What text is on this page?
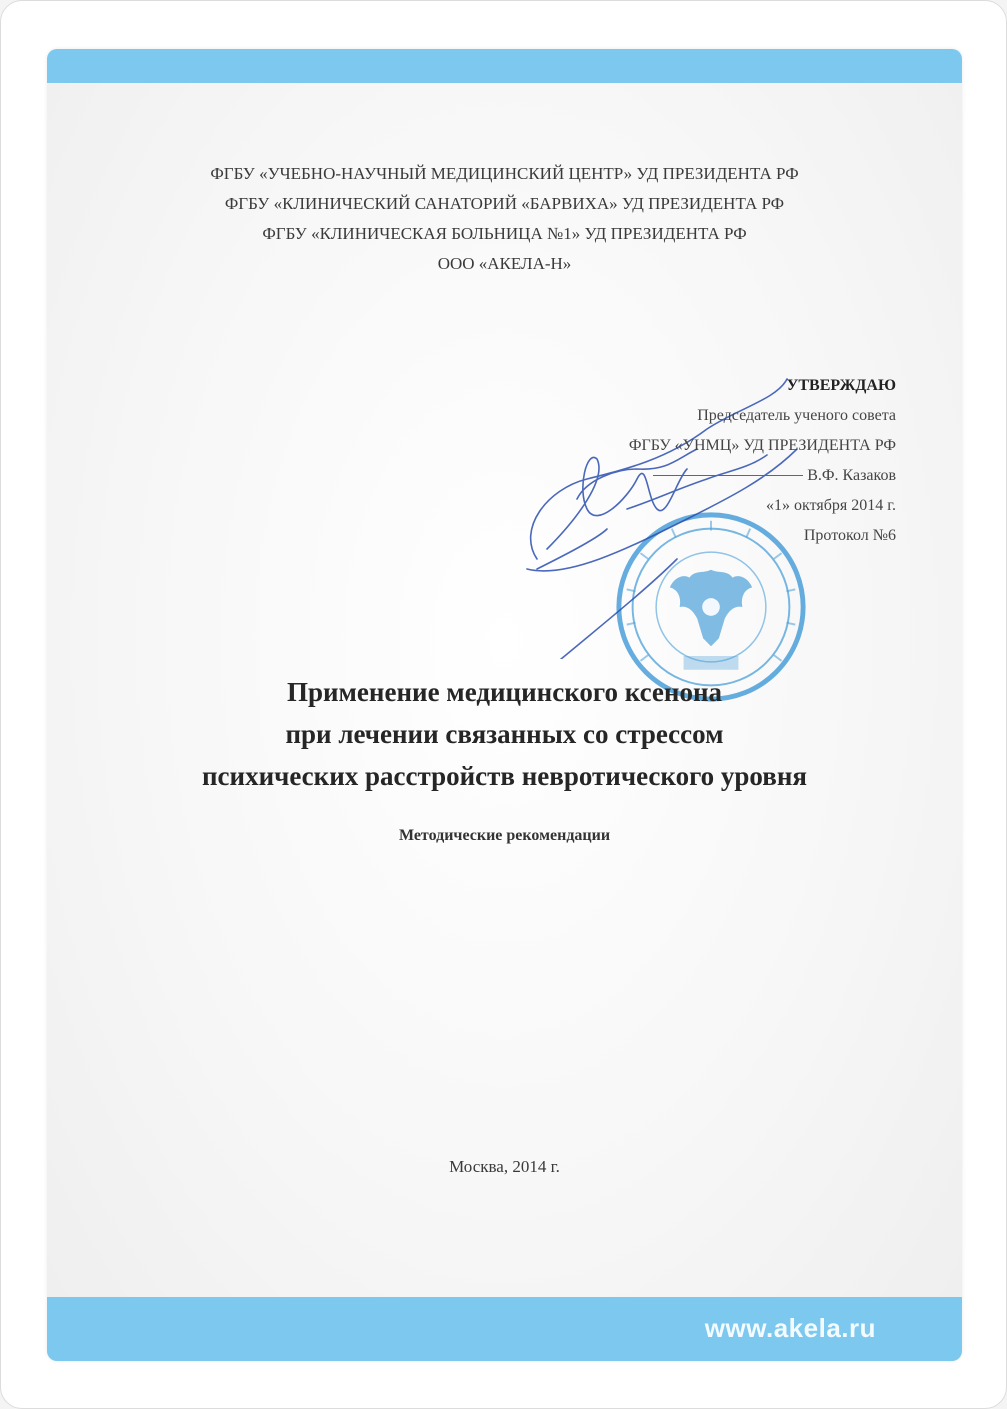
ФГБУ «УЧЕБНО-НАУЧНЫЙ МЕДИЦИНСКИЙ ЦЕНТР» УД ПРЕЗИДЕНТА РФ
ФГБУ «КЛИНИЧЕСКИЙ САНАТОРИЙ «БАРВИХА» УД ПРЕЗИДЕНТА РФ
ФГБУ «КЛИНИЧЕСКАЯ БОЛЬНИЦА №1» УД ПРЕЗИДЕНТА РФ
ООО «АКЕЛА-Н»
УТВЕРЖДАЮ
Председатель ученого совета
ФГБУ «УНМЦ» УД ПРЕЗИДЕНТА РФ
В.Ф. Казаков
«1» октября 2014 г.
Протокол №6
Применение медицинского ксенона
при лечении связанных со стрессом
психических расстройств невротического уровня
Методические рекомендации
Москва, 2014 г.
www.akela.ru
